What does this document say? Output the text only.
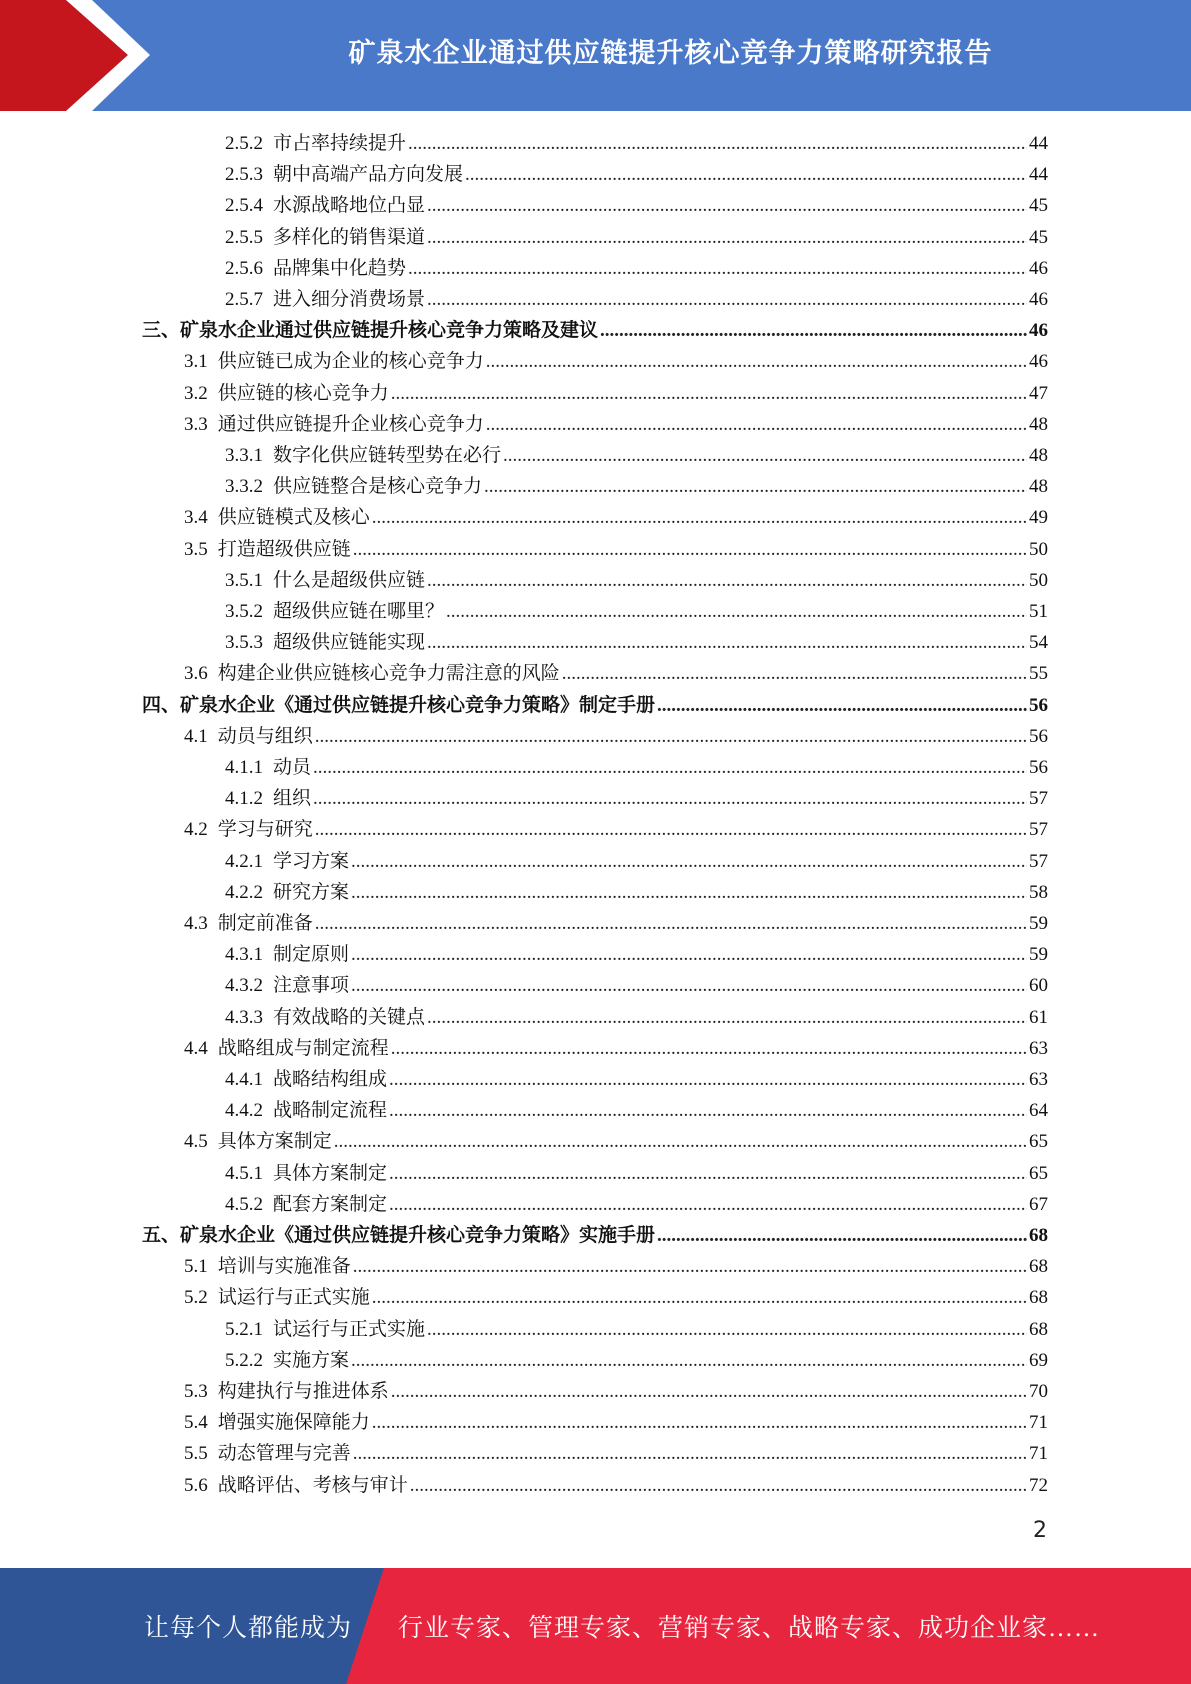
矿泉水企业通过供应链提升核心竞争力策略研究报告
2.5.2 市占率持续提升 .....	44
2.5.3 朝中高端产品方向发展 .....	44
2.5.4 水源战略地位凸显 .....	45
2.5.5 多样化的销售渠道 .....	45
2.5.6 品牌集中化趋势 .....	46
2.5.7 进入细分消费场景 .....	46
三、 矿泉水企业通过供应链提升核心竞争力策略及建议 .....	46
3.1 供应链已成为企业的核心竞争力 .....	46
3.2 供应链的核心竞争力 .....	47
3.3 通过供应链提升企业核心竞争力 .....	48
3.3.1 数字化供应链转型势在必行 .....	48
3.3.2 供应链整合是核心竞争力 .....	48
3.4 供应链模式及核心 .....	49
3.5 打造超级供应链 .....	50
3.5.1 什么是超级供应链 .....	50
3.5.2 超级供应链在哪里？ .....	51
3.5.3 超级供应链能实现 .....	54
3.6 构建企业供应链核心竞争力需注意的风险 .....	55
四、 矿泉水企业《通过供应链提升核心竞争力策略》制定手册 .....	56
4.1 动员与组织 .....	56
4.1.1 动员 .....	56
4.1.2 组织 .....	57
4.2 学习与研究 .....	57
4.2.1 学习方案 .....	57
4.2.2 研究方案 .....	58
4.3 制定前准备 .....	59
4.3.1 制定原则 .....	59
4.3.2 注意事项 .....	60
4.3.3 有效战略的关键点 .....	61
4.4 战略组成与制定流程 .....	63
4.4.1 战略结构组成 .....	63
4.4.2 战略制定流程 .....	64
4.5 具体方案制定 .....	65
4.5.1 具体方案制定 .....	65
4.5.2 配套方案制定 .....	67
五、 矿泉水企业《通过供应链提升核心竞争力策略》实施手册 .....	68
5.1 培训与实施准备 .....	68
5.2 试运行与正式实施 .....	68
5.2.1 试运行与正式实施 .....	68
5.2.2 实施方案 .....	69
5.3 构建执行与推进体系 .....	70
5.4 增强实施保障能力 .....	71
5.5 动态管理与完善 .....	71
5.6 战略评估、考核与审计 .....	72
2
让每个人都能成为 行业专家、管理专家、营销专家、战略专家、成功企业家……
